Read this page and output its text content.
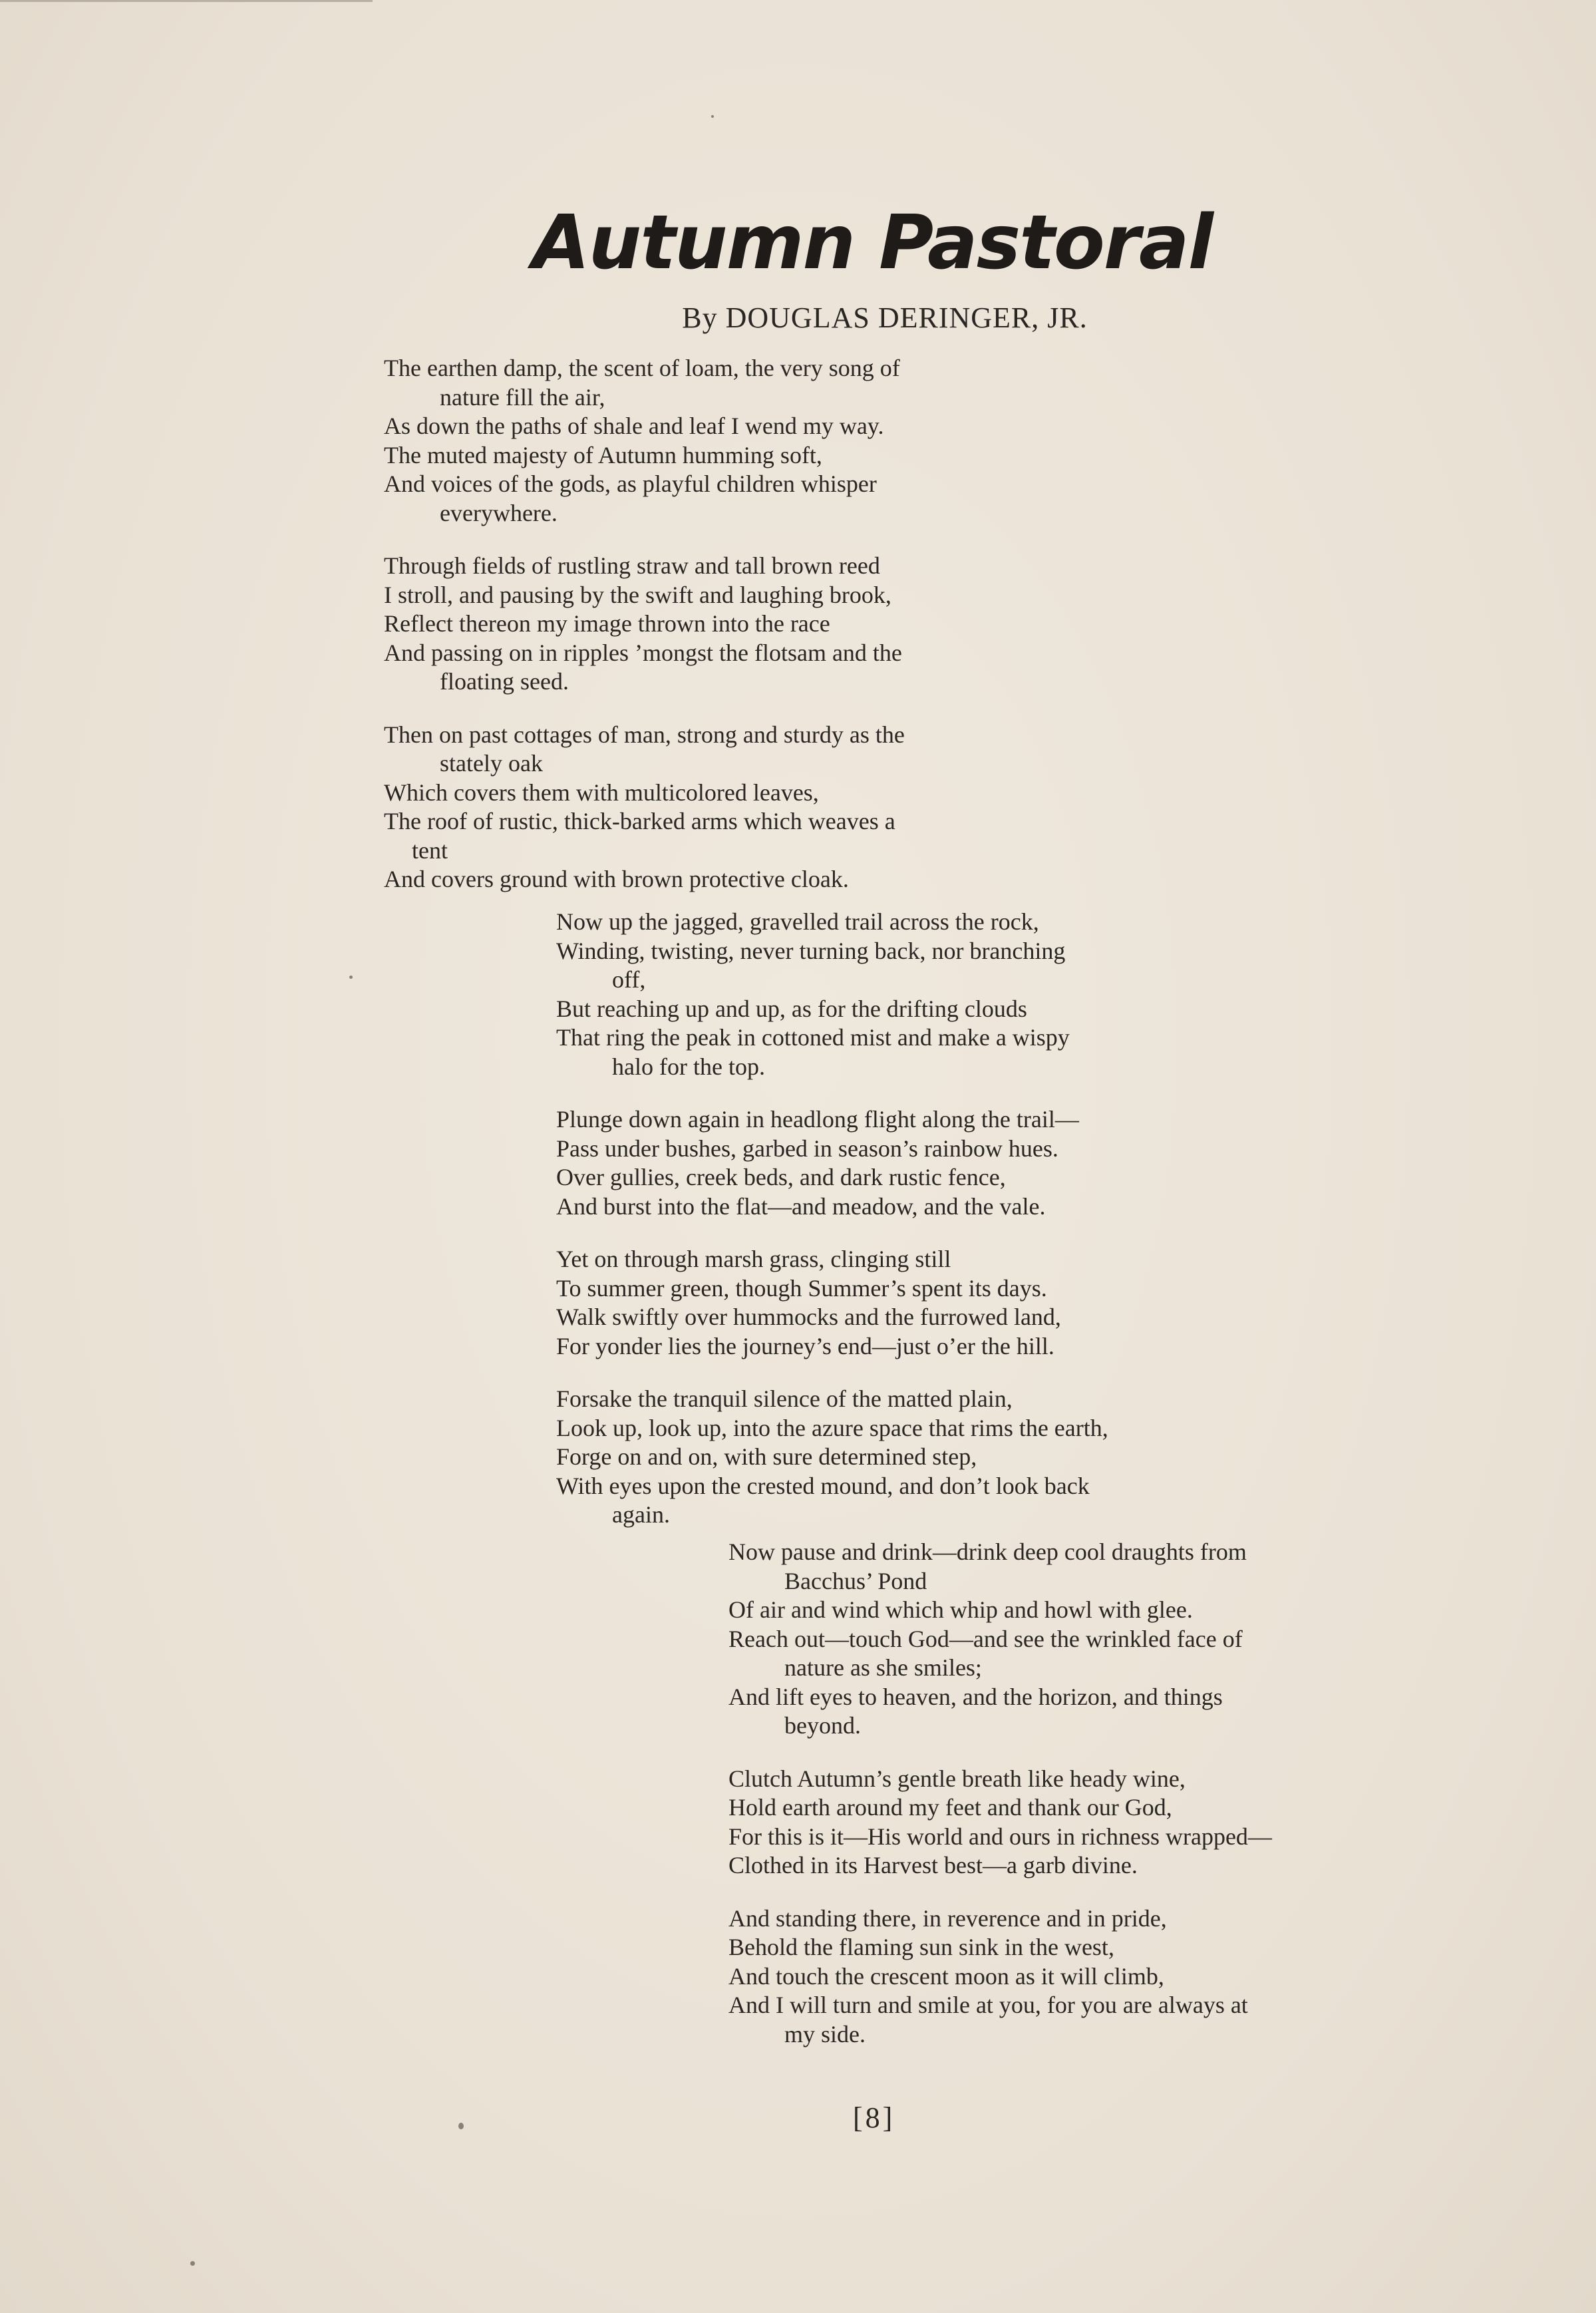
Autumn Pastoral
By DOUGLAS DERINGER, JR.
The earthen damp, the scent of loam, the very song of
nature fill the air,
As down the paths of shale and leaf I wend my way.
The muted majesty of Autumn humming soft,
And voices of the gods, as playful children whisper
everywhere.
Through fields of rustling straw and tall brown reed
I stroll, and pausing by the swift and laughing brook,
Reflect thereon my image thrown into the race
And passing on in ripples ’mongst the flotsam and the
floating seed.
Then on past cottages of man, strong and sturdy as the
stately oak
Which covers them with multicolored leaves,
The roof of rustic, thick-barked arms which weaves a
tent
And covers ground with brown protective cloak.
Now up the jagged, gravelled trail across the rock,
Winding, twisting, never turning back, nor branching
off,
But reaching up and up, as for the drifting clouds
That ring the peak in cottoned mist and make a wispy
halo for the top.
Plunge down again in headlong flight along the trail—
Pass under bushes, garbed in season’s rainbow hues.
Over gullies, creek beds, and dark rustic fence,
And burst into the flat—and meadow, and the vale.
Yet on through marsh grass, clinging still
To summer green, though Summer’s spent its days.
Walk swiftly over hummocks and the furrowed land,
For yonder lies the journey’s end—just o’er the hill.
Forsake the tranquil silence of the matted plain,
Look up, look up, into the azure space that rims the earth,
Forge on and on, with sure determined step,
With eyes upon the crested mound, and don’t look back
again.
Now pause and drink—drink deep cool draughts from
Bacchus’ Pond
Of air and wind which whip and howl with glee.
Reach out—touch God—and see the wrinkled face of
nature as she smiles;
And lift eyes to heaven, and the horizon, and things
beyond.
Clutch Autumn’s gentle breath like heady wine,
Hold earth around my feet and thank our God,
For this is it—His world and ours in richness wrapped—
Clothed in its Harvest best—a garb divine.
And standing there, in reverence and in pride,
Behold the flaming sun sink in the west,
And touch the crescent moon as it will climb,
And I will turn and smile at you, for you are always at
my side.
[8]
